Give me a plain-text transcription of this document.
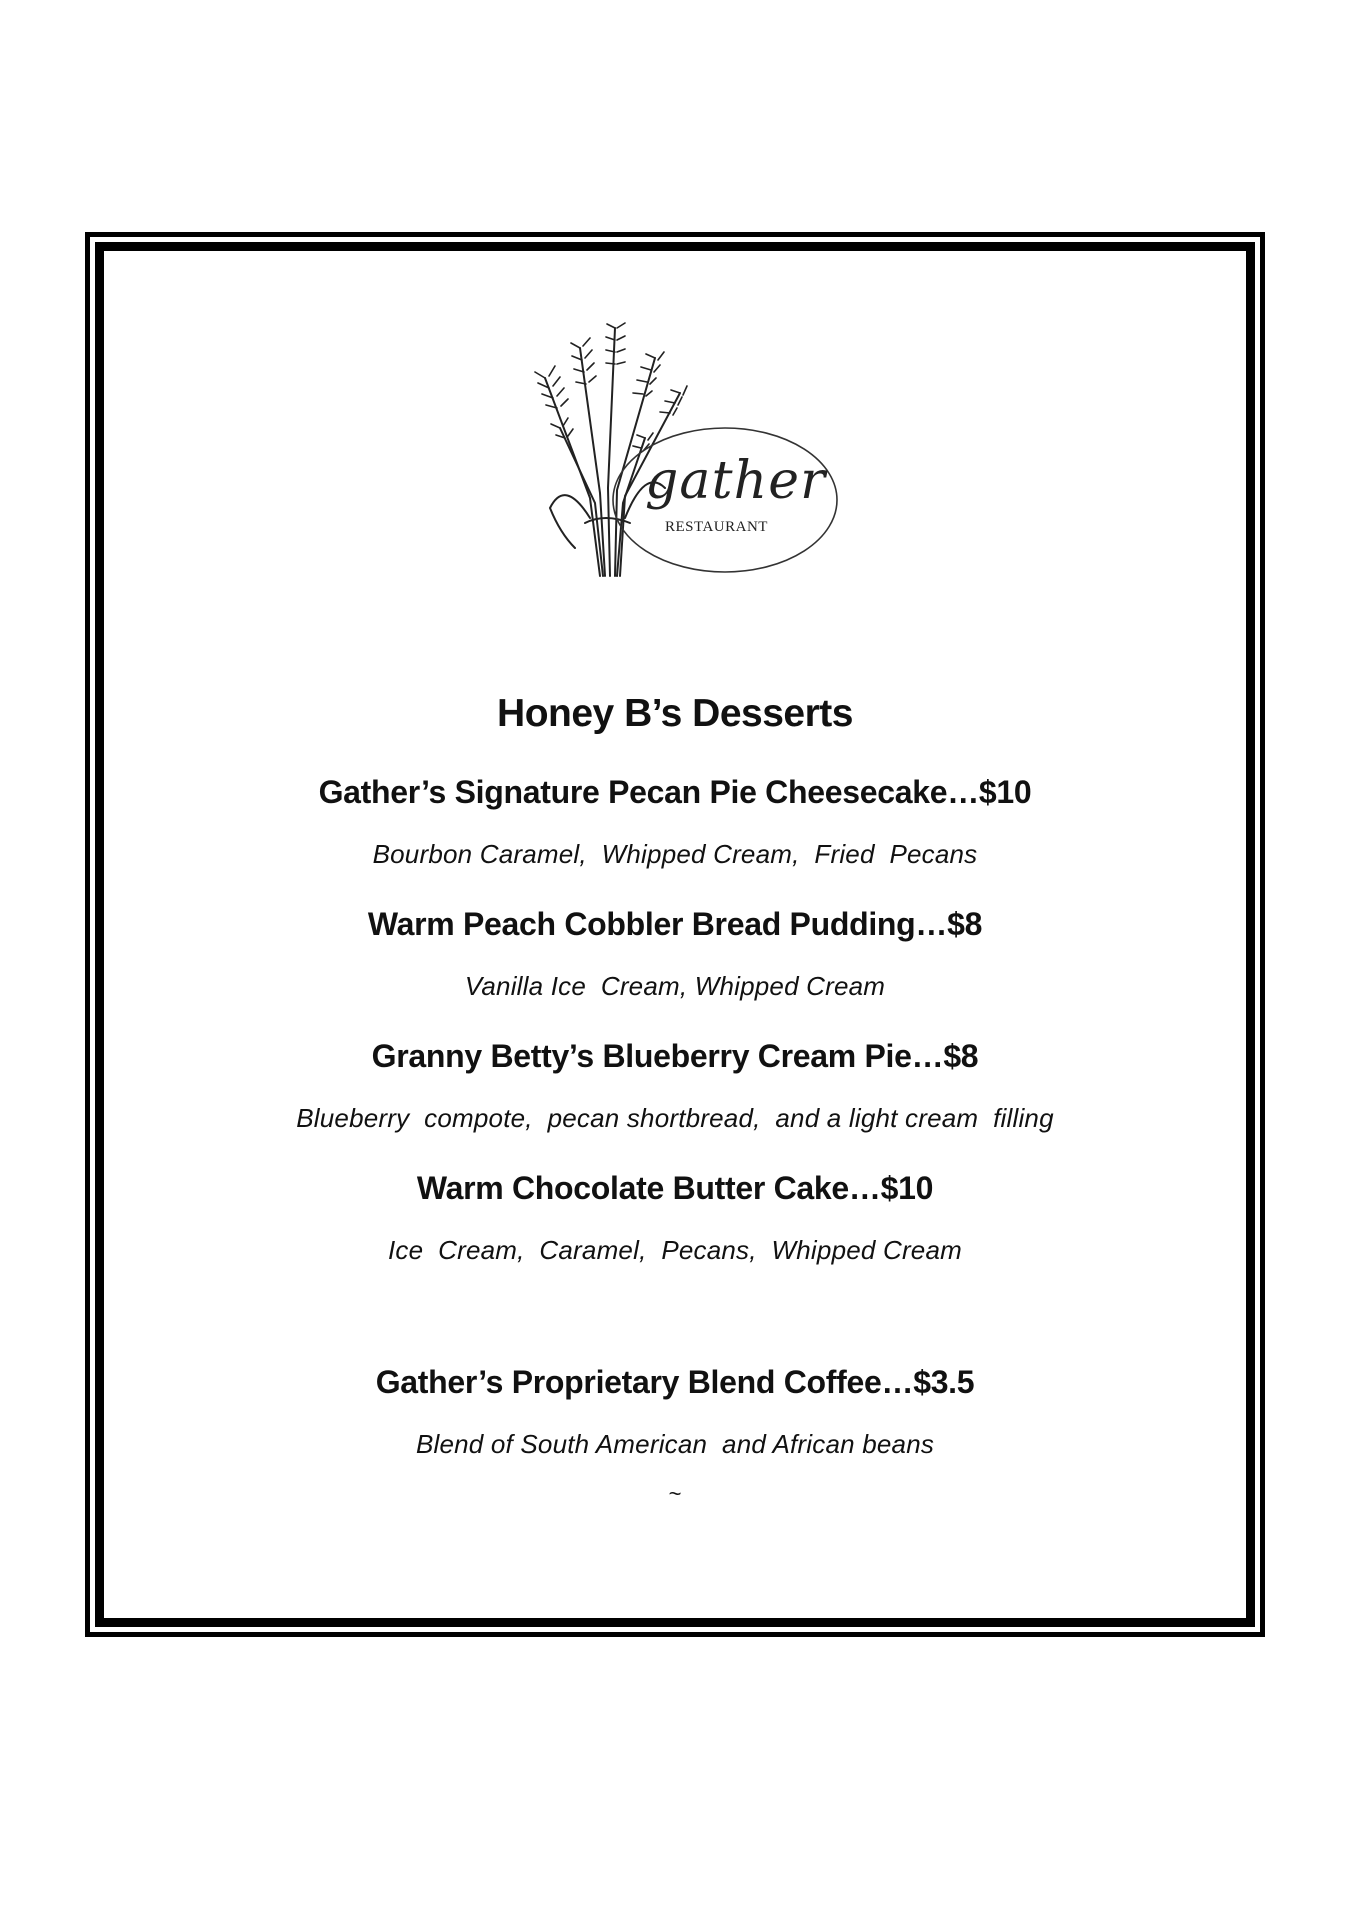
gather
RESTAURANT
Honey B’s Desserts

Gather’s Signature Pecan Pie Cheesecake…$10

Bourbon Caramel,  Whipped Cream,  Fried  Pecans

Warm Peach Cobbler Bread Pudding…$8

Vanilla Ice  Cream, Whipped Cream

Granny Betty’s Blueberry Cream Pie…$8

Blueberry  compote,  pecan shortbread,  and a light cream  filling

Warm Chocolate Butter Cake…$10

Ice  Cream,  Caramel,  Pecans,  Whipped Cream

Gather’s Proprietary Blend Coffee…$3.5

Blend of South American  and African beans

~
